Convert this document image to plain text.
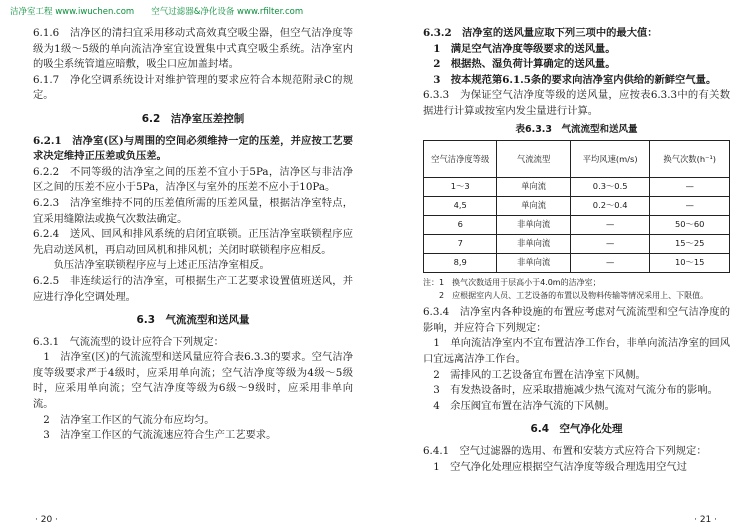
洁净室工程 www.iwuchen.com　　空气过滤器&净化设备 www.rfilter.com

6.1.6　洁净区的清扫宜采用移动式高效真空吸尘器，但空气洁净度等级为1级～5级的单向流洁净室宜设置集中式真空吸尘系统。洁净室内的吸尘系统管道应暗敷，吸尘口应加盖封堵。

6.1.7　净化空调系统设计对维护管理的要求应符合本规范附录C的规定。

6.2　洁净室压差控制

6.2.1　洁净室(区)与周围的空间必须维持一定的压差，并应按工艺要求决定维持正压差或负压差。

6.2.2　不同等级的洁净室之间的压差不宜小于5Pa，洁净区与非洁净区之间的压差不应小于5Pa，洁净区与室外的压差不应小于10Pa。

6.2.3　洁净室维持不同的压差值所需的压差风量，根据洁净室特点，宜采用缝隙法或换气次数法确定。

6.2.4　送风、回风和排风系统的启闭宜联锁。正压洁净室联锁程序应先启动送风机，再启动回风机和排风机；关闭时联锁程序应相反。

　　负压洁净室联锁程序应与上述正压洁净室相反。

6.2.5　非连续运行的洁净室，可根据生产工艺要求设置值班送风，并应进行净化空调处理。

6.3　气流流型和送风量

6.3.1　气流流型的设计应符合下列规定：

　1　洁净室(区)的气流流型和送风量应符合表6.3.3的要求。空气洁净度等级要求严于4级时，应采用单向流；空气洁净度等级为4级～5级时，应采用单向流；空气洁净度等级为6级～9级时，应采用非单向流。

　2　洁净室工作区的气流分布应均匀。

　3　洁净室工作区的气流流速应符合生产工艺要求。

6.3.2　洁净室的送风量应取下列三项中的最大值：

　1　满足空气洁净度等级要求的送风量。

　2　根据热、湿负荷计算确定的送风量。

　3　按本规范第6.1.5条的要求向洁净室内供给的新鲜空气量。

6.3.3　为保证空气洁净度等级的送风量，应按表6.3.3中的有关数据进行计算或按室内发尘量进行计算。

表6.3.3　气流流型和送风量
空气洁净度等级	气流流型	平均风速(m/s)	换气次数(h⁻¹)
1～3	单向流	0.3～0.5	—
4,5	单向流	0.2～0.4	—
6	非单向流	—	50～60
7	非单向流	—	15～25
8,9	非单向流	—	10～15
注：1　换气次数适用于层高小于4.0m的洁净室；
　　2　应根据室内人员、工艺设备的布置以及物料传输等情况采用上、下限值。

6.3.4　洁净室内各种设施的布置应考虑对气流流型和空气洁净度的影响，并应符合下列规定：

　1　单向流洁净室内不宜布置洁净工作台，非单向流洁净室的回风口宜远离洁净工作台。

　2　需排风的工艺设备宜布置在洁净室下风侧。

　3　有发热设备时，应采取措施减少热气流对气流分布的影响。

　4　余压阀宜布置在洁净气流的下风侧。

6.4　空气净化处理

6.4.1　空气过滤器的选用、布置和安装方式应符合下列规定：

　1　空气净化处理应根据空气洁净度等级合理选用空气过

· 20 ·	· 21 ·
